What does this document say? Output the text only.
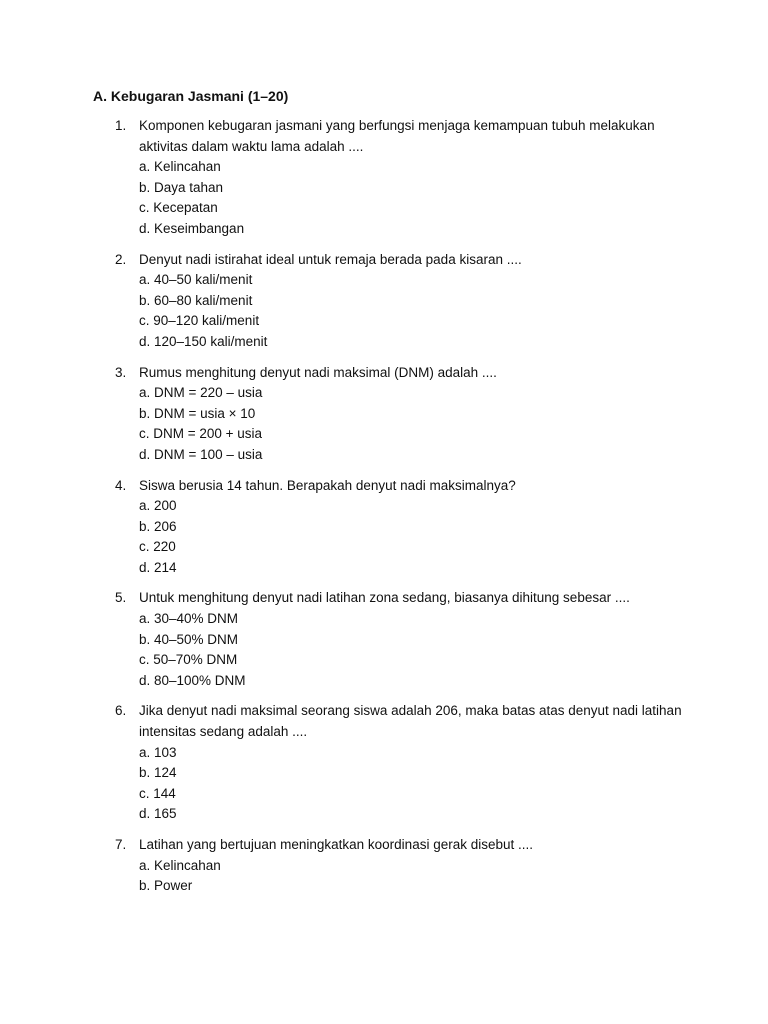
A. Kebugaran Jasmani (1–20)
1. Komponen kebugaran jasmani yang berfungsi menjaga kemampuan tubuh melakukan aktivitas dalam waktu lama adalah ....
a. Kelincahan
b. Daya tahan
c. Kecepatan
d. Keseimbangan
2. Denyut nadi istirahat ideal untuk remaja berada pada kisaran ....
a. 40–50 kali/menit
b. 60–80 kali/menit
c. 90–120 kali/menit
d. 120–150 kali/menit
3. Rumus menghitung denyut nadi maksimal (DNM) adalah ....
a. DNM = 220 – usia
b. DNM = usia × 10
c. DNM = 200 + usia
d. DNM = 100 – usia
4. Siswa berusia 14 tahun. Berapakah denyut nadi maksimalnya?
a. 200
b. 206
c. 220
d. 214
5. Untuk menghitung denyut nadi latihan zona sedang, biasanya dihitung sebesar ....
a. 30–40% DNM
b. 40–50% DNM
c. 50–70% DNM
d. 80–100% DNM
6. Jika denyut nadi maksimal seorang siswa adalah 206, maka batas atas denyut nadi latihan intensitas sedang adalah ....
a. 103
b. 124
c. 144
d. 165
7. Latihan yang bertujuan meningkatkan koordinasi gerak disebut ....
a. Kelincahan
b. Power
